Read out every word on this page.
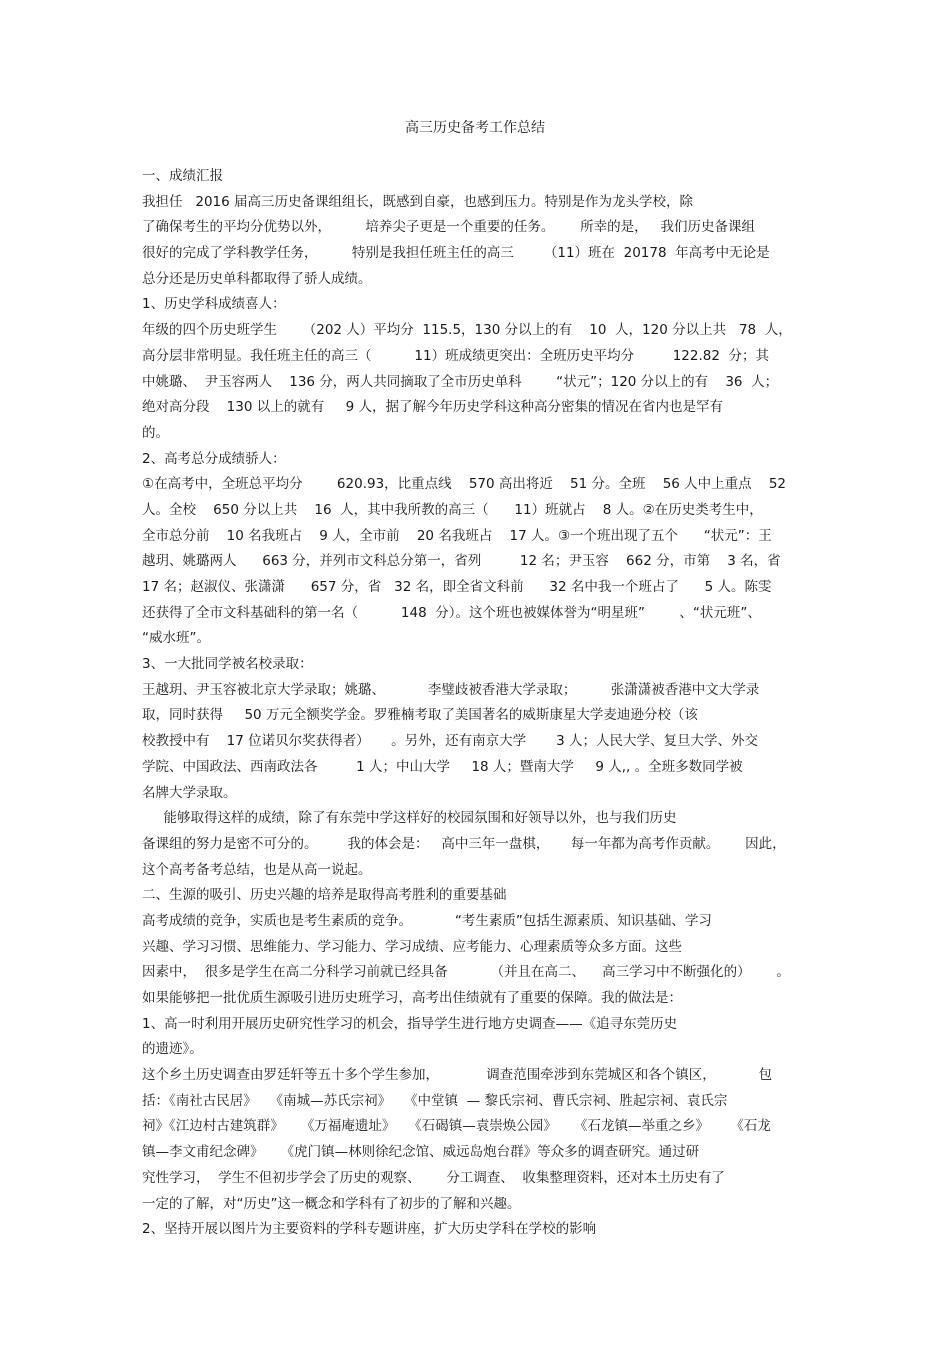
高三历史备考工作总结
一、成绩汇报
我担任   2016 届高三历史备课组组长，既感到自豪，也感到压力。特别是作为龙头学校，除
了确保考生的平均分优势以外，        培养尖子更是一个重要的任务。      所幸的是，   我们历史备课组
很好的完成了学科教学任务，        特别是我担任班主任的高三       （11）班在  20178  年高考中无论是
总分还是历史单科都取得了骄人成绩。
1、历史学科成绩喜人：
年级的四个历史班学生      （202 人）平均分  115.5，130 分以上的有    10  人，120 分以上共   78  人，
高分层非常明显。我任班主任的高三（          11）班成绩更突出：全班历史平均分         122.82  分；其
中姚璐、  尹玉容两人    136 分，两人共同摘取了全市历史单科        “状元”；120 分以上的有    36  人；
绝对高分段    130 以上的就有     9 人，据了解今年历史学科这种高分密集的情况在省内也是罕有
的。
2、高考总分成绩骄人：
①在高考中，全班总平均分        620.93，比重点线    570 高出将近    51 分。全班    56 人中上重点    52
人。全校    650 分以上共    16  人，其中我所教的高三（      11）班就占    8 人。②在历史类考生中，
全市总分前    10 名我班占    9 人，全市前    20 名我班占    17 人。③一个班出现了五个      “状元”：王
越玥、姚璐两人      663 分，并列市文科总分第一，省列         12 名；尹玉容    662 分，市第    3 名，省
17 名；赵淑仪、张潇潇      657 分，省   32 名，即全省文科前      32 名中我一个班占了      5 人。陈雯
还获得了全市文科基础科的第一名（          148  分）。这个班也被媒体誉为“明星班”        、“状元班”、
“威水班”。
3、一大批同学被名校录取：
王越玥、尹玉容被北京大学录取；姚璐、          李璧歧被香港大学录取；        张潇潇被香港中文大学录
取，同时获得     50 万元全额奖学金。罗雅楠考取了美国著名的威斯康星大学麦迪逊分校（该
校教授中有    17 位诺贝尔奖获得者）     。另外，还有南京大学       3 人；人民大学、复旦大学、外交
学院、中国政法、西南政法各         1 人；中山大学     18 人；暨南大学     9 人,, 。全班多数同学被
名牌大学录取。
能够取得这样的成绩，除了有东莞中学这样好的校园氛围和好领导以外，也与我们历史
备课组的努力是密不可分的。       我的体会是：   高中三年一盘棋，     每一年都为高考作贡献。      因此，
这个高考备考总结，也是从高一说起。
二、生源的吸引、历史兴趣的培养是取得高考胜利的重要基础
高考成绩的竞争，实质也是考生素质的竞争。          “考生素质”包括生源素质、知识基础、学习
兴趣、学习习惯、思维能力、学习能力、学习成绩、应考能力、心理素质等众多方面。这些
因素中，  很多是学生在高二分科学习前就已经具备          （并且在高二、    高三学习中不断强化的）      。
如果能够把一批优质生源吸引进历史班学习，高考出佳绩就有了重要的保障。我的做法是：
1、高一时利用开展历史研究性学习的机会，指导学生进行地方史调查——《追寻东莞历史
的遗迹》。
这个乡土历史调查由罗廷轩等五十多个学生参加，           调查范围牵涉到东莞城区和各个镇区，          包
括：《南社古民居》   《南城—苏氏宗祠》   《中堂镇  — 黎氏宗祠、曹氏宗祠、胜起宗祠、袁氏宗
祠》《江边村古建筑群》    《万福庵遗址》   《石碣镇—袁崇焕公园》    《石龙镇—举重之乡》     《石龙
镇—李文甫纪念碑》    《虎门镇—林则徐纪念馆、威远岛炮台群》等众多的调查研究。通过研
究性学习，  学生不但初步学会了历史的观察、      分工调查、  收集整理资料，还对本土历史有了
一定的了解，对“历史”这一概念和学科有了初步的了解和兴趣。
2、坚持开展以图片为主要资料的学科专题讲座，扩大历史学科在学校的影响
